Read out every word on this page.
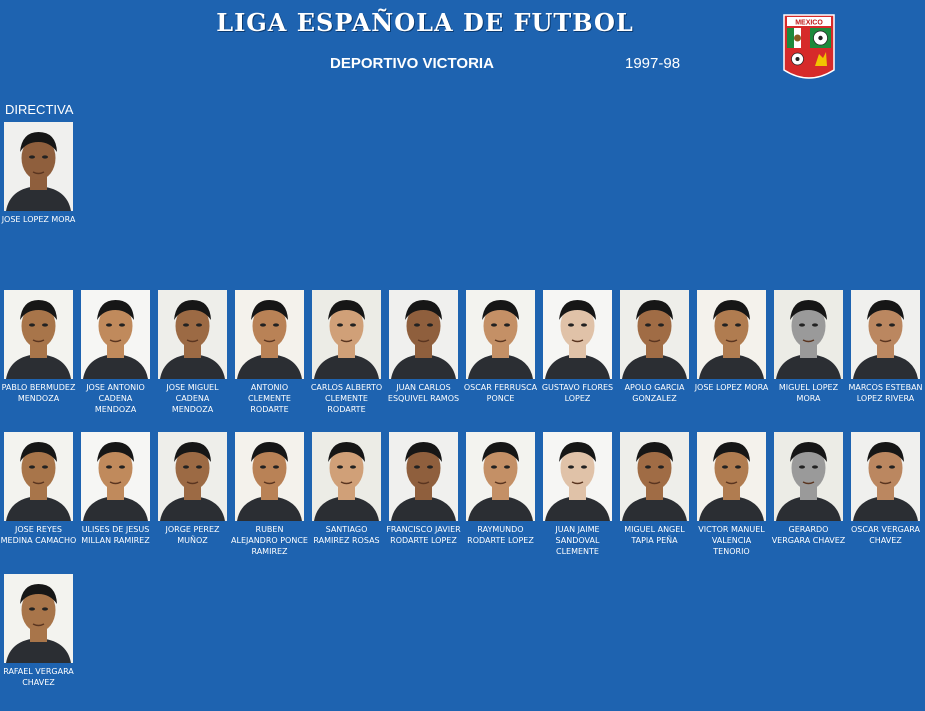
LIGA ESPAÑOLA DE FUTBOL
DEPORTIVO VICTORIA	1997-98
MEXICO
DIRECTIVA
JOSE LOPEZ MORA
PABLO BERMUDEZ MENDOZA
JOSE ANTONIO CADENA MENDOZA
JOSE MIGUEL CADENA MENDOZA
ANTONIO CLEMENTE RODARTE
CARLOS ALBERTO CLEMENTE RODARTE
JUAN CARLOS ESQUIVEL RAMOS
OSCAR FERRUSCA PONCE
GUSTAVO FLORES LOPEZ
APOLO GARCIA GONZALEZ
JOSE LOPEZ MORA	MIGUEL LOPEZ MORA
MARCOS ESTEBAN LOPEZ RIVERA
JOSE REYES MEDINA CAMACHO
ULISES DE JESUS MILLAN RAMIREZ
JORGE PEREZ MUÑOZ
RUBEN ALEJANDRO PONCE RAMIREZ
SANTIAGO RAMIREZ ROSAS
FRANCISCO JAVIER RODARTE LOPEZ
RAYMUNDO RODARTE LOPEZ
JUAN JAIME SANDOVAL CLEMENTE
MIGUEL ANGEL TAPIA PEÑA
VICTOR MANUEL VALENCIA TENORIO
GERARDO VERGARA CHAVEZ
OSCAR VERGARA CHAVEZ
RAFAEL VERGARA CHAVEZ
